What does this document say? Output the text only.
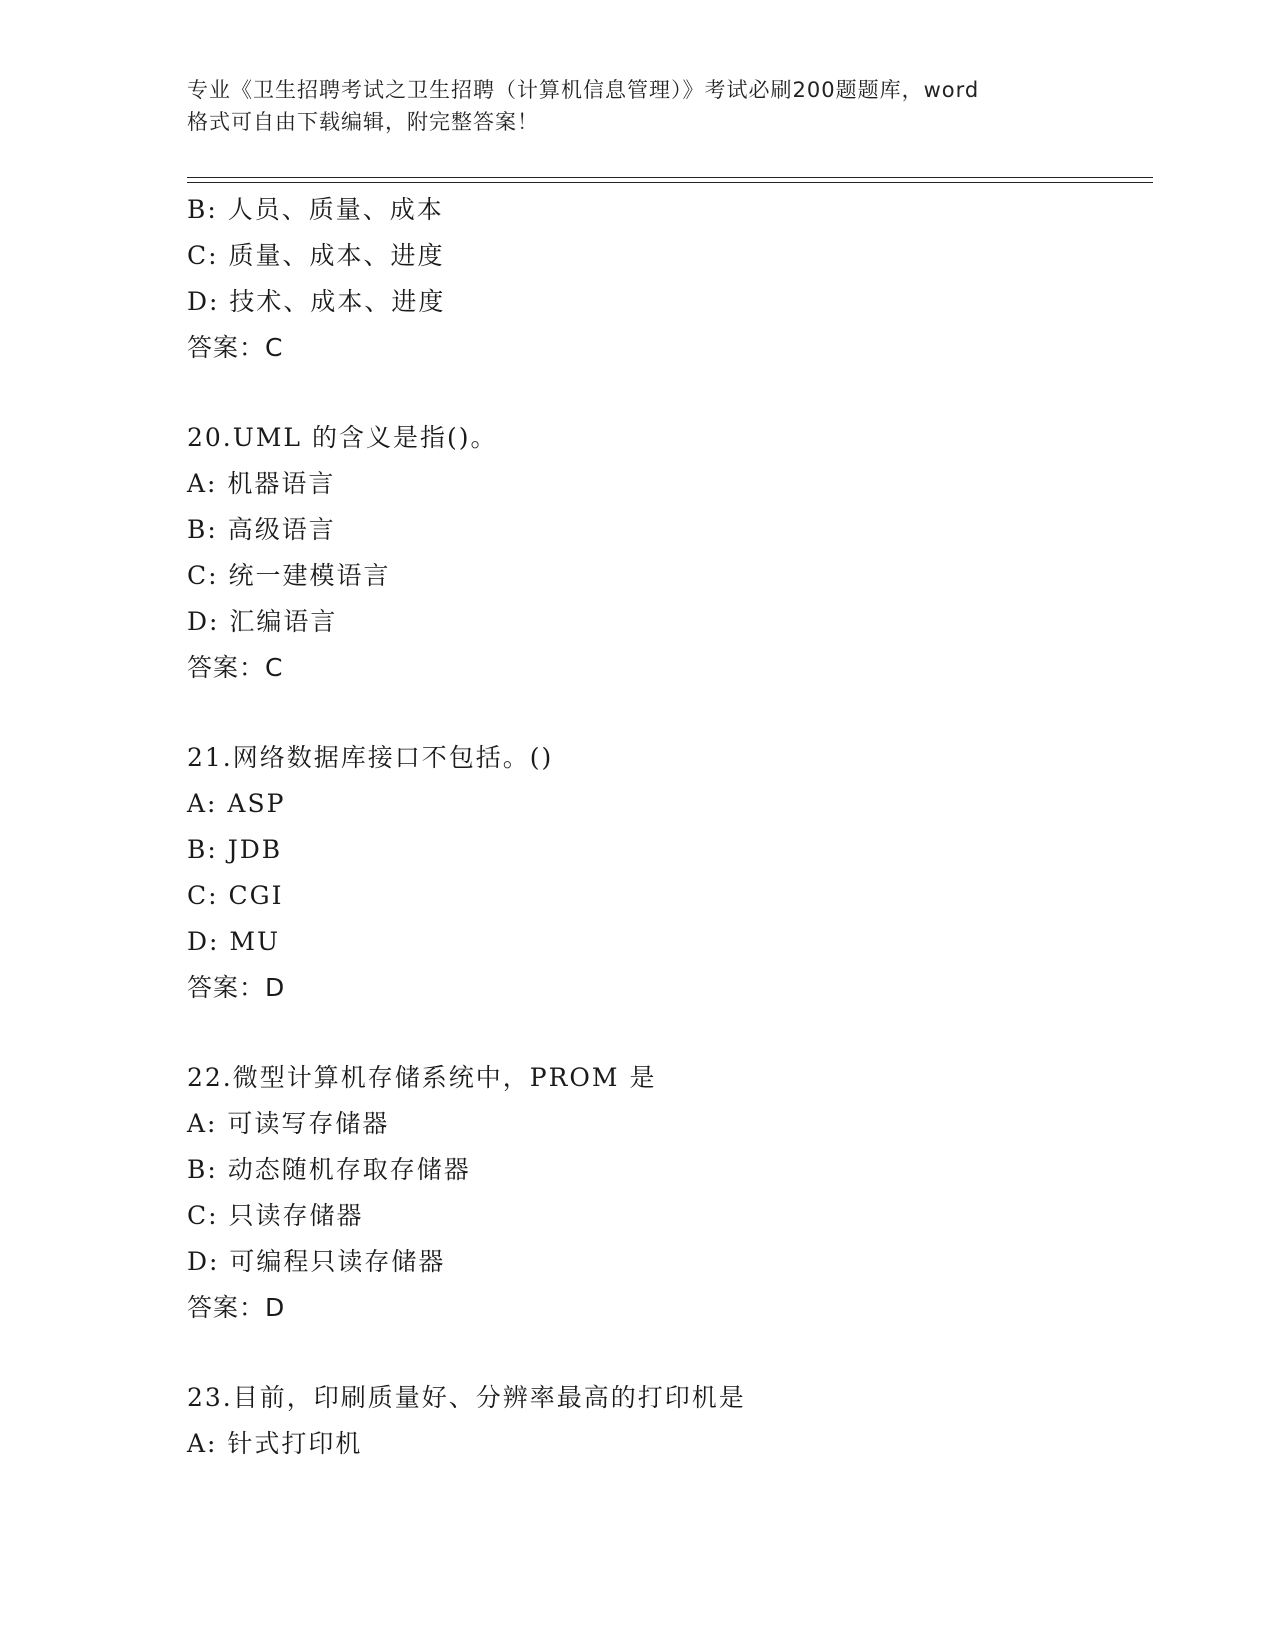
专业《卫生招聘考试之卫生招聘（计算机信息管理）》考试必刷200题题库，word
格式可自由下载编辑，附完整答案！
B: 人员、质量、成本
C: 质量、成本、进度
D: 技术、成本、进度
答案：C
20.UML 的含义是指()。
A: 机器语言
B: 高级语言
C: 统一建模语言
D: 汇编语言
答案：C
21.网络数据库接口不包括。()
A: ASP
B: JDB
C: CGI
D: MU
答案：D
22.微型计算机存储系统中，PROM 是
A: 可读写存储器
B: 动态随机存取存储器
C: 只读存储器
D: 可编程只读存储器
答案：D
23.目前，印刷质量好、分辨率最高的打印机是
A: 针式打印机
